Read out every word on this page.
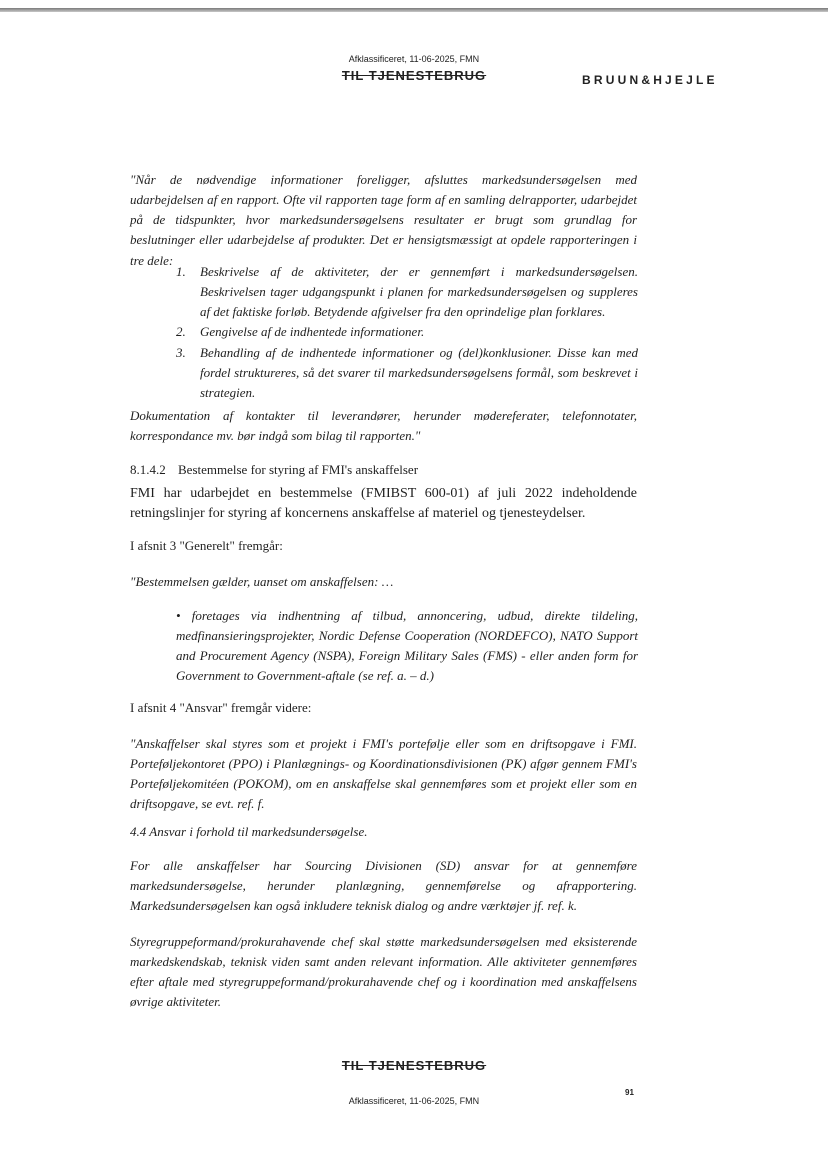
Afklassificeret, 11-06-2025, FMN
TIL TJENESTEBRUG	BRUUN&HJEJLE

"Når de nødvendige informationer foreligger, afsluttes markedsundersøgelsen med udarbejdelsen af en rapport. Ofte vil rapporten tage form af en samling delrapporter, udarbejdet på de tidspunkter, hvor markedsundersøgelsens resultater er brugt som grundlag for beslutninger eller udarbejdelse af produkter. Det er hensigtsmæssigt at opdele rapporteringen i tre dele:

1.	Beskrivelse af de aktiviteter, der er gennemført i markedsundersøgelsen. Beskrivelsen tager udgangspunkt i planen for markedsundersøgelsen og suppleres af det faktiske forløb. Betydende afgivelser fra den oprindelige plan forklares.
2.	Gengivelse af de indhentede informationer.
3.	Behandling af de indhentede informationer og (del)konklusioner. Disse kan med fordel struktureres, så det svarer til markedsundersøgelsens formål, som beskrevet i strategien.

Dokumentation af kontakter til leverandører, herunder mødereferater, telefonnotater, korrespondance mv. bør indgå som bilag til rapporten."

8.1.4.2 Bestemmelse for styring af FMI's anskaffelser

FMI har udarbejdet en bestemmelse (FMIBST 600-01) af juli 2022 indeholdende retningslinjer for styring af koncernens anskaffelse af materiel og tjenesteydelser.

I afsnit 3 "Generelt" fremgår:

"Bestemmelsen gælder, uanset om anskaffelsen: …

• foretages via indhentning af tilbud, annoncering, udbud, direkte tildeling, medfinansieringsprojekter, Nordic Defense Cooperation (NORDEFCO), NATO Support and Procurement Agency (NSPA), Foreign Military Sales (FMS) - eller anden form for Government to Government-aftale (se ref. a. – d.)

I afsnit 4 "Ansvar" fremgår videre:

"Anskaffelser skal styres som et projekt i FMI's portefølje eller som en driftsopgave i FMI. Porteføljekontoret (PPO) i Planlægnings- og Koordinationsdivisionen (PK) afgør gennem FMI's Porteføljekomitéen (POKOM), om en anskaffelse skal gennemføres som et projekt eller som en driftsopgave, se evt. ref. f.

4.4 Ansvar i forhold til markedsundersøgelse.

For alle anskaffelser har Sourcing Divisionen (SD) ansvar for at gennemføre markedsundersøgelse, herunder planlægning, gennemførelse og afrapportering. Markedsundersøgelsen kan også inkludere teknisk dialog og andre værktøjer jf. ref. k.

Styregruppeformand/prokurahavende chef skal støtte markedsundersøgelsen med eksisterende markedskendskab, teknisk viden samt anden relevant information. Alle aktiviteter gennemføres efter aftale med styregruppeformand/prokurahavende chef og i koordination med anskaffelsens øvrige aktiviteter.

TIL TJENESTEBRUG
91
Afklassificeret, 11-06-2025, FMN
